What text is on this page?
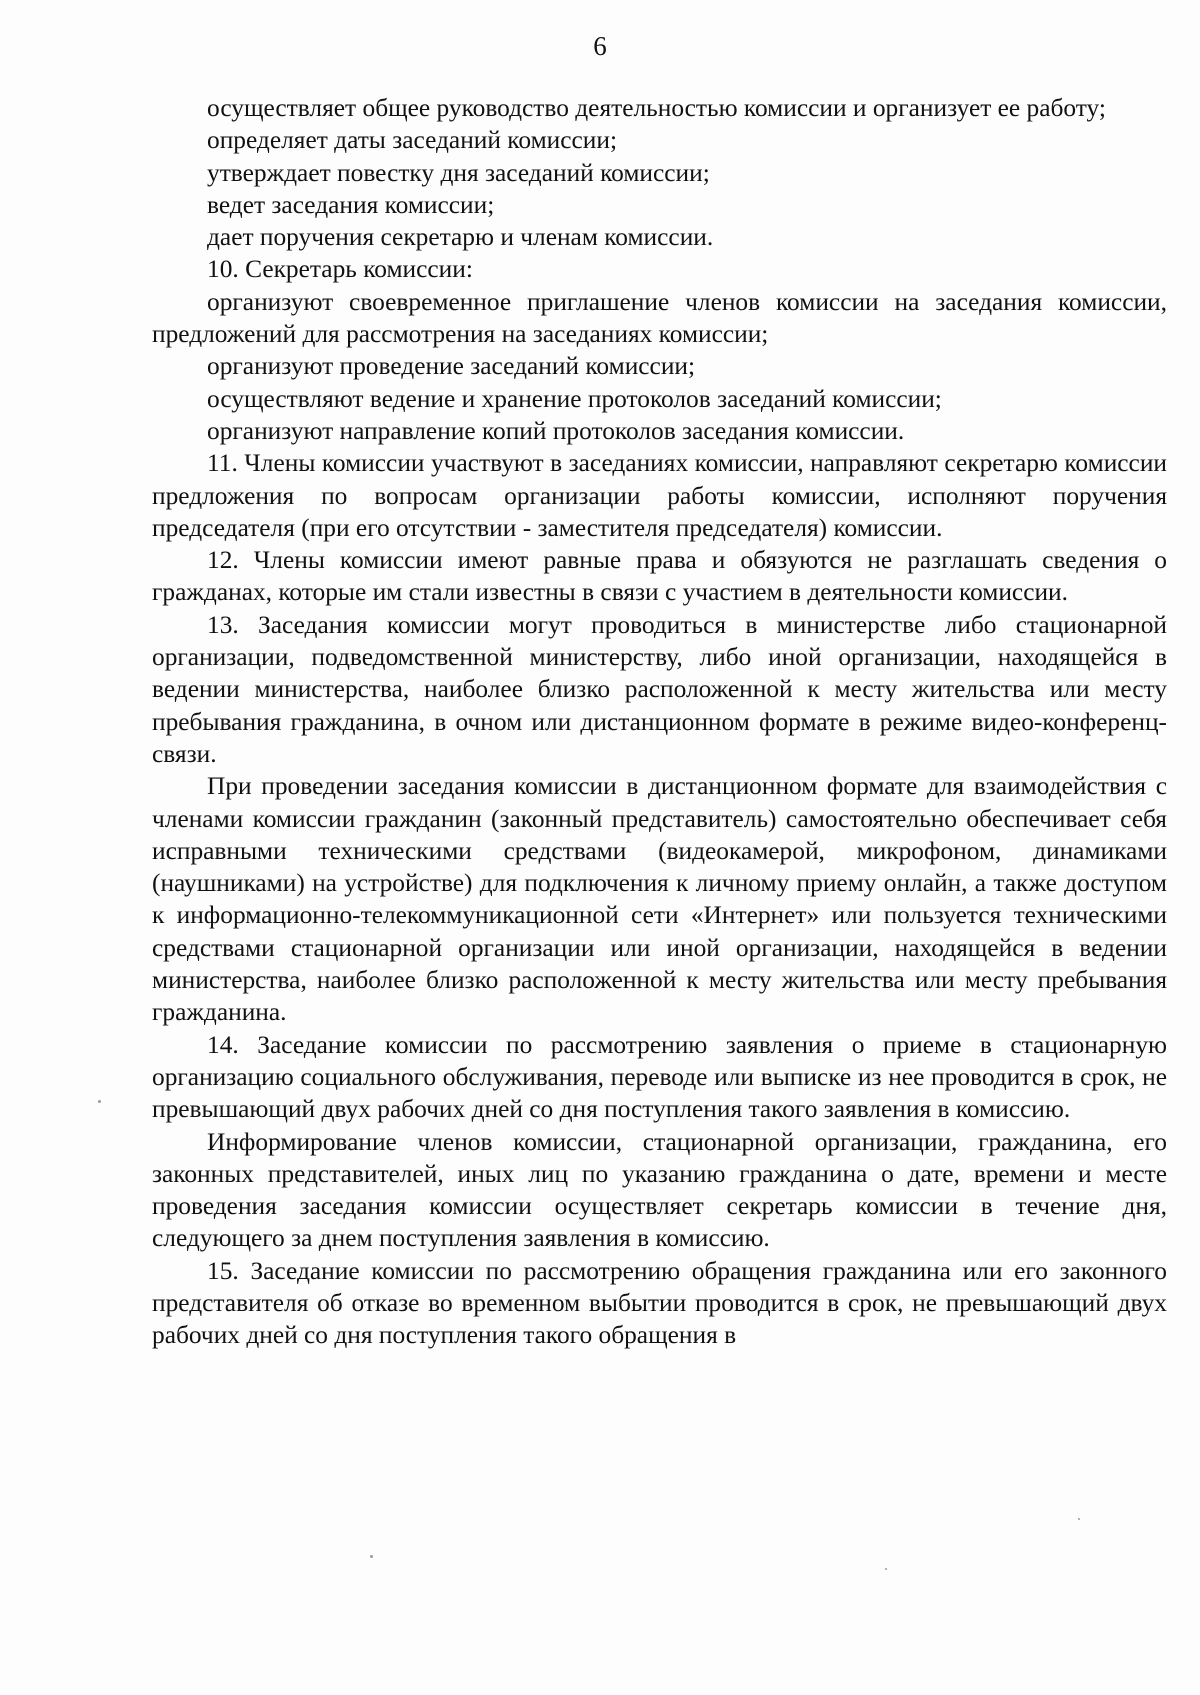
6

осуществляет общее руководство деятельностью комиссии и организует ее работу;

определяет даты заседаний комиссии;

утверждает повестку дня заседаний комиссии;

ведет заседания комиссии;

дает поручения секретарю и членам комиссии.

10. Секретарь комиссии:

организуют своевременное приглашение членов комиссии на заседания комиссии, предложений для рассмотрения на заседаниях комиссии;

организуют проведение заседаний комиссии;

осуществляют ведение и хранение протоколов заседаний комиссии;

организуют направление копий протоколов заседания комиссии.

11. Члены комиссии участвуют в заседаниях комиссии, направляют секретарю комиссии предложения по вопросам организации работы комиссии, исполняют поручения председателя (при его отсутствии - заместителя председателя) комиссии.

12. Члены комиссии имеют равные права и обязуются не разглашать сведения о гражданах, которые им стали известны в связи с участием в деятельности комиссии.

13. Заседания комиссии могут проводиться в министерстве либо стационарной организации, подведомственной министерству, либо иной организации, находящейся в ведении министерства, наиболее близко расположенной к месту жительства или месту пребывания гражданина, в очном или дистанционном формате в режиме видео-конференц-связи.

При проведении заседания комиссии в дистанционном формате для взаимодействия с членами комиссии гражданин (законный представитель) самостоятельно обеспечивает себя исправными техническими средствами (видеокамерой, микрофоном, динамиками (наушниками) на устройстве) для подключения к личному приему онлайн, а также доступом к информационно-телекоммуникационной сети «Интернет» или пользуется техническими средствами стационарной организации или иной организации, находящейся в ведении министерства, наиболее близко расположенной к месту жительства или месту пребывания гражданина.

14. Заседание комиссии по рассмотрению заявления о приеме в стационарную организацию социального обслуживания, переводе или выписке из нее проводится в срок, не превышающий двух рабочих дней со дня поступления такого заявления в комиссию.

Информирование членов комиссии, стационарной организации, гражданина, его законных представителей, иных лиц по указанию гражданина о дате, времени и месте проведения заседания комиссии осуществляет секретарь комиссии в течение дня, следующего за днем поступления заявления в комиссию.

15. Заседание комиссии по рассмотрению обращения гражданина или его законного представителя об отказе во временном выбытии проводится в срок, не превышающий двух рабочих дней со дня поступления такого обращения в
